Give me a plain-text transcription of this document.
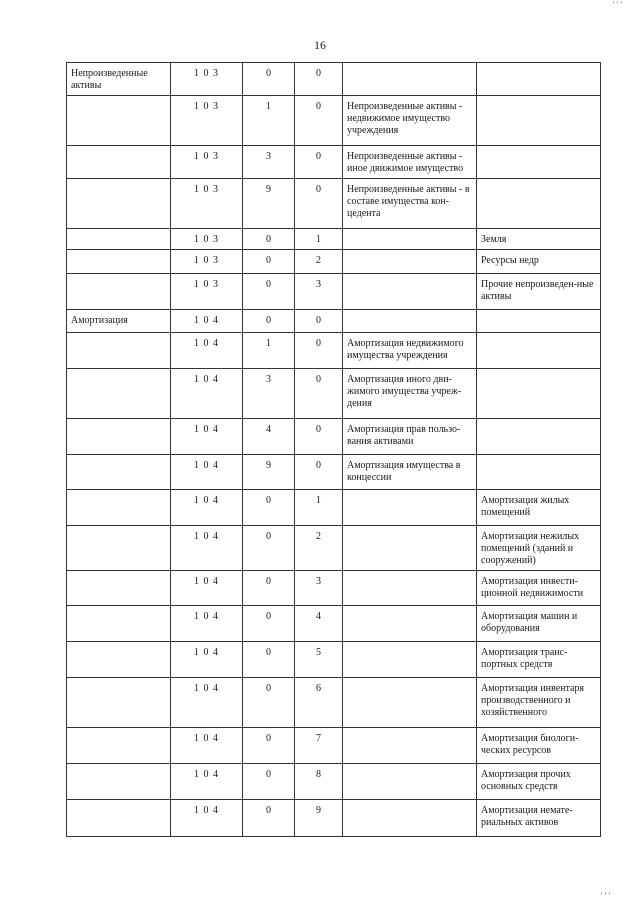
' ' '
16
Непроизведенные активы	1 0 3	0	0		
	1 0 3	1	0	Непроизведенные активы - недвижимое имущество учреждения	
	1 0 3	3	0	Непроизведенные активы - иное движимое имущество	
	1 0 3	9	0	Непроизведенные активы - в составе имущества кон-цедента	
	1 0 3	0	1		Земля
	1 0 3	0	2		Ресурсы недр
	1 0 3	0	3		Прочие непроизведен-ные активы
Амортизация	1 0 4	0	0		
	1 0 4	1	0	Амортизация недвижимого имущества учреждения	
	1 0 4	3	0	Амортизация иного дви-жимого имущества учреж-дения	
	1 0 4	4	0	Амортизация прав пользо-вания активами	
	1 0 4	9	0	Амортизация имущества в концессии	
	1 0 4	0	1		Амортизация жилых помещений
	1 0 4	0	2		Амортизация нежилых помещений (зданий и сооружений)
	1 0 4	0	3		Амортизация инвести-ционной недвижимости
	1 0 4	0	4		Амортизация машин и оборудования
	1 0 4	0	5		Амортизация транс-портных средств
	1 0 4	0	6		Амортизация инвентаря производственного и хозяйственного
	1 0 4	0	7		Амортизация биологи-ческих ресурсов
	1 0 4	0	8		Амортизация прочих основных средств
	1 0 4	0	9		Амортизация немате-риальных активов
' ' '
